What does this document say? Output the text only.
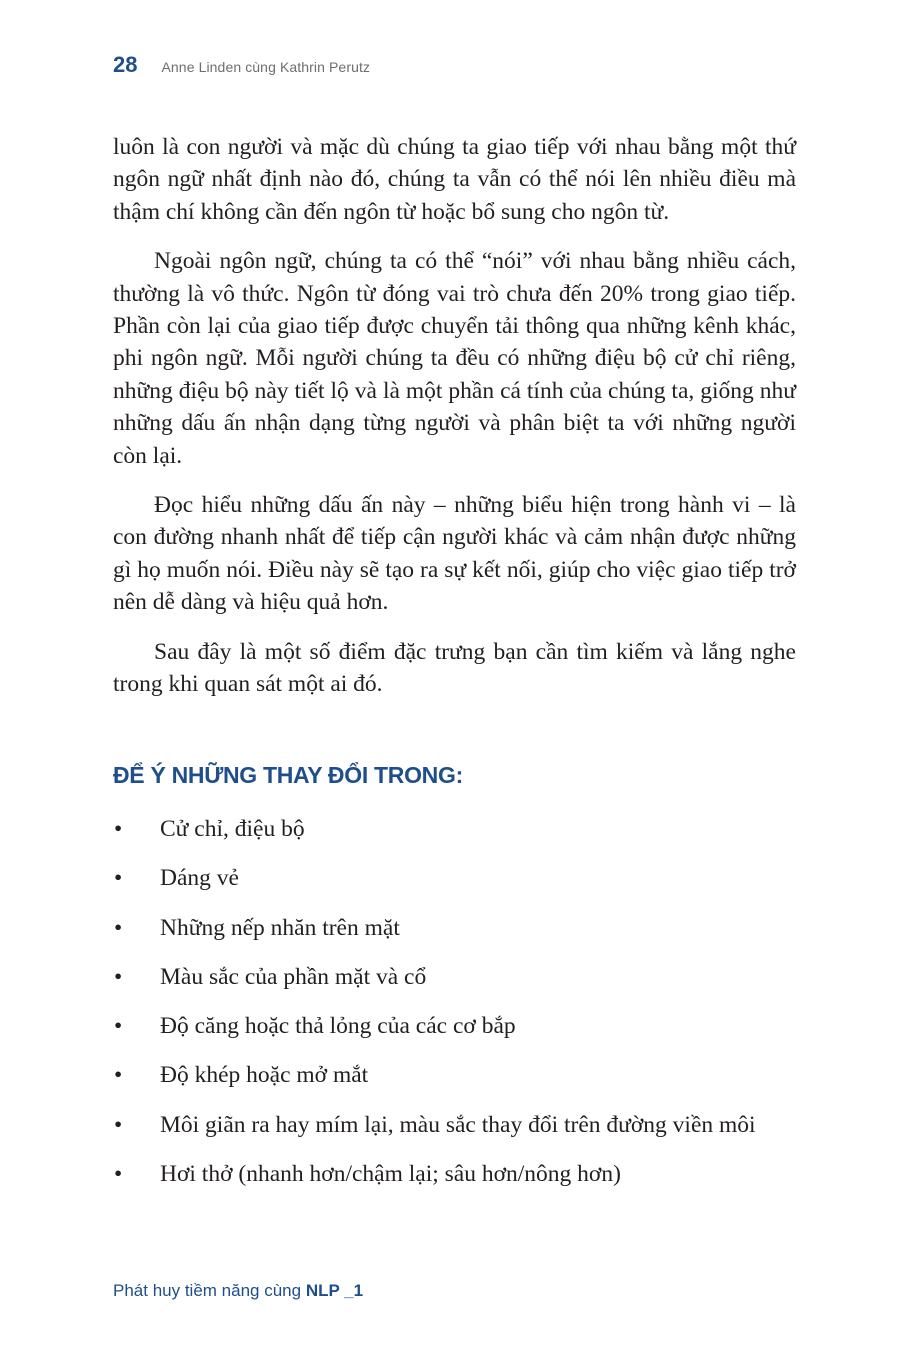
28 Anne Linden cùng Kathrin Perutz

luôn là con người và mặc dù chúng ta giao tiếp với nhau bằng một thứ ngôn ngữ nhất định nào đó, chúng ta vẫn có thể nói lên nhiều điều mà thậm chí không cần đến ngôn từ hoặc bổ sung cho ngôn từ.

Ngoài ngôn ngữ, chúng ta có thể “nói” với nhau bằng nhiều cách, thường là vô thức. Ngôn từ đóng vai trò chưa đến 20% trong giao tiếp. Phần còn lại của giao tiếp được chuyển tải thông qua những kênh khác, phi ngôn ngữ. Mỗi người chúng ta đều có những điệu bộ cử chỉ riêng, những điệu bộ này tiết lộ và là một phần cá tính của chúng ta, giống như những dấu ấn nhận dạng từng người và phân biệt ta với những người còn lại.

Đọc hiểu những dấu ấn này – những biểu hiện trong hành vi – là con đường nhanh nhất để tiếp cận người khác và cảm nhận được những gì họ muốn nói. Điều này sẽ tạo ra sự kết nối, giúp cho việc giao tiếp trở nên dễ dàng và hiệu quả hơn.

Sau đây là một số điểm đặc trưng bạn cần tìm kiếm và lắng nghe trong khi quan sát một ai đó.

ĐỂ Ý NHỮNG THAY ĐỔI TRONG:
•	Cử chỉ, điệu bộ
•	Dáng vẻ
•	Những nếp nhăn trên mặt
•	Màu sắc của phần mặt và cổ
•	Độ căng hoặc thả lỏng của các cơ bắp
•	Độ khép hoặc mở mắt
•	Môi giãn ra hay mím lại, màu sắc thay đổi trên đường viền môi
•	Hơi thở (nhanh hơn/chậm lại; sâu hơn/nông hơn)
Phát huy tiềm năng cùng NLP _1
